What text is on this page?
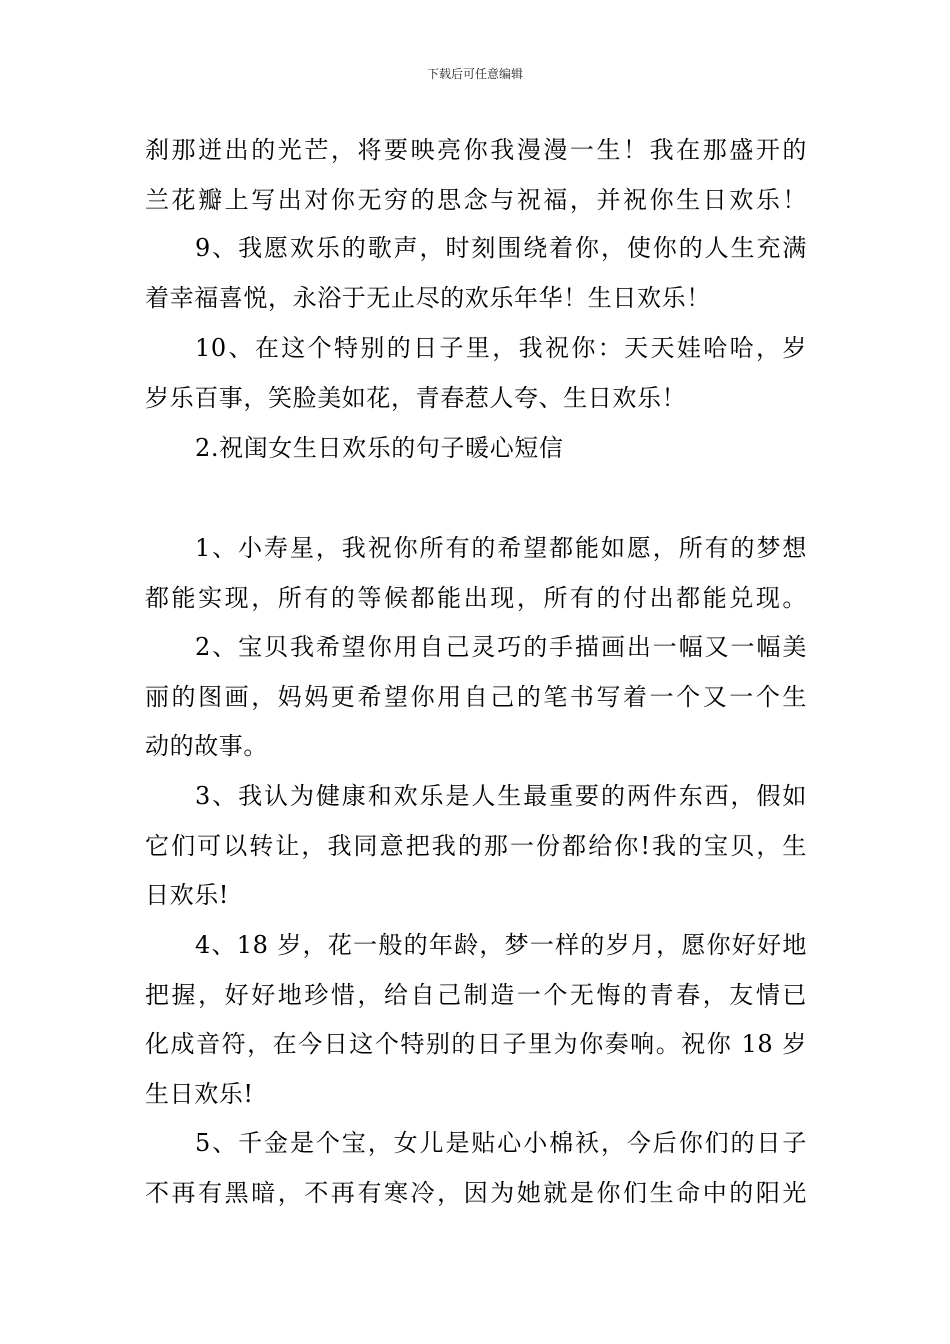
下载后可任意编辑
刹那迸出的光芒，将要映亮你我漫漫一生！我在那盛开的
兰花瓣上写出对你无穷的思念与祝福，并祝你生日欢乐！
9、我愿欢乐的歌声，时刻围绕着你，使你的人生充满
着幸福喜悦，永浴于无止尽的欢乐年华！生日欢乐！
10、在这个特别的日子里，我祝你：天天娃哈哈，岁
岁乐百事，笑脸美如花，青春惹人夸、生日欢乐！
2.祝闺女生日欢乐的句子暖心短信
1、小寿星，我祝你所有的希望都能如愿，所有的梦想
都能实现，所有的等候都能出现，所有的付出都能兑现。
2、宝贝我希望你用自己灵巧的手描画出一幅又一幅美
丽的图画，妈妈更希望你用自己的笔书写着一个又一个生
动的故事。
3、我认为健康和欢乐是人生最重要的两件东西，假如
它们可以转让，我同意把我的那一份都给你!我的宝贝，生
日欢乐!
4、18 岁，花一般的年龄，梦一样的岁月，愿你好好地
把握，好好地珍惜，给自己制造一个无悔的青春，友情已
化成音符，在今日这个特别的日子里为你奏响。祝你 18 岁
生日欢乐!
5、千金是个宝，女儿是贴心小棉袄，今后你们的日子
不再有黑暗，不再有寒冷，因为她就是你们生命中的阳光
